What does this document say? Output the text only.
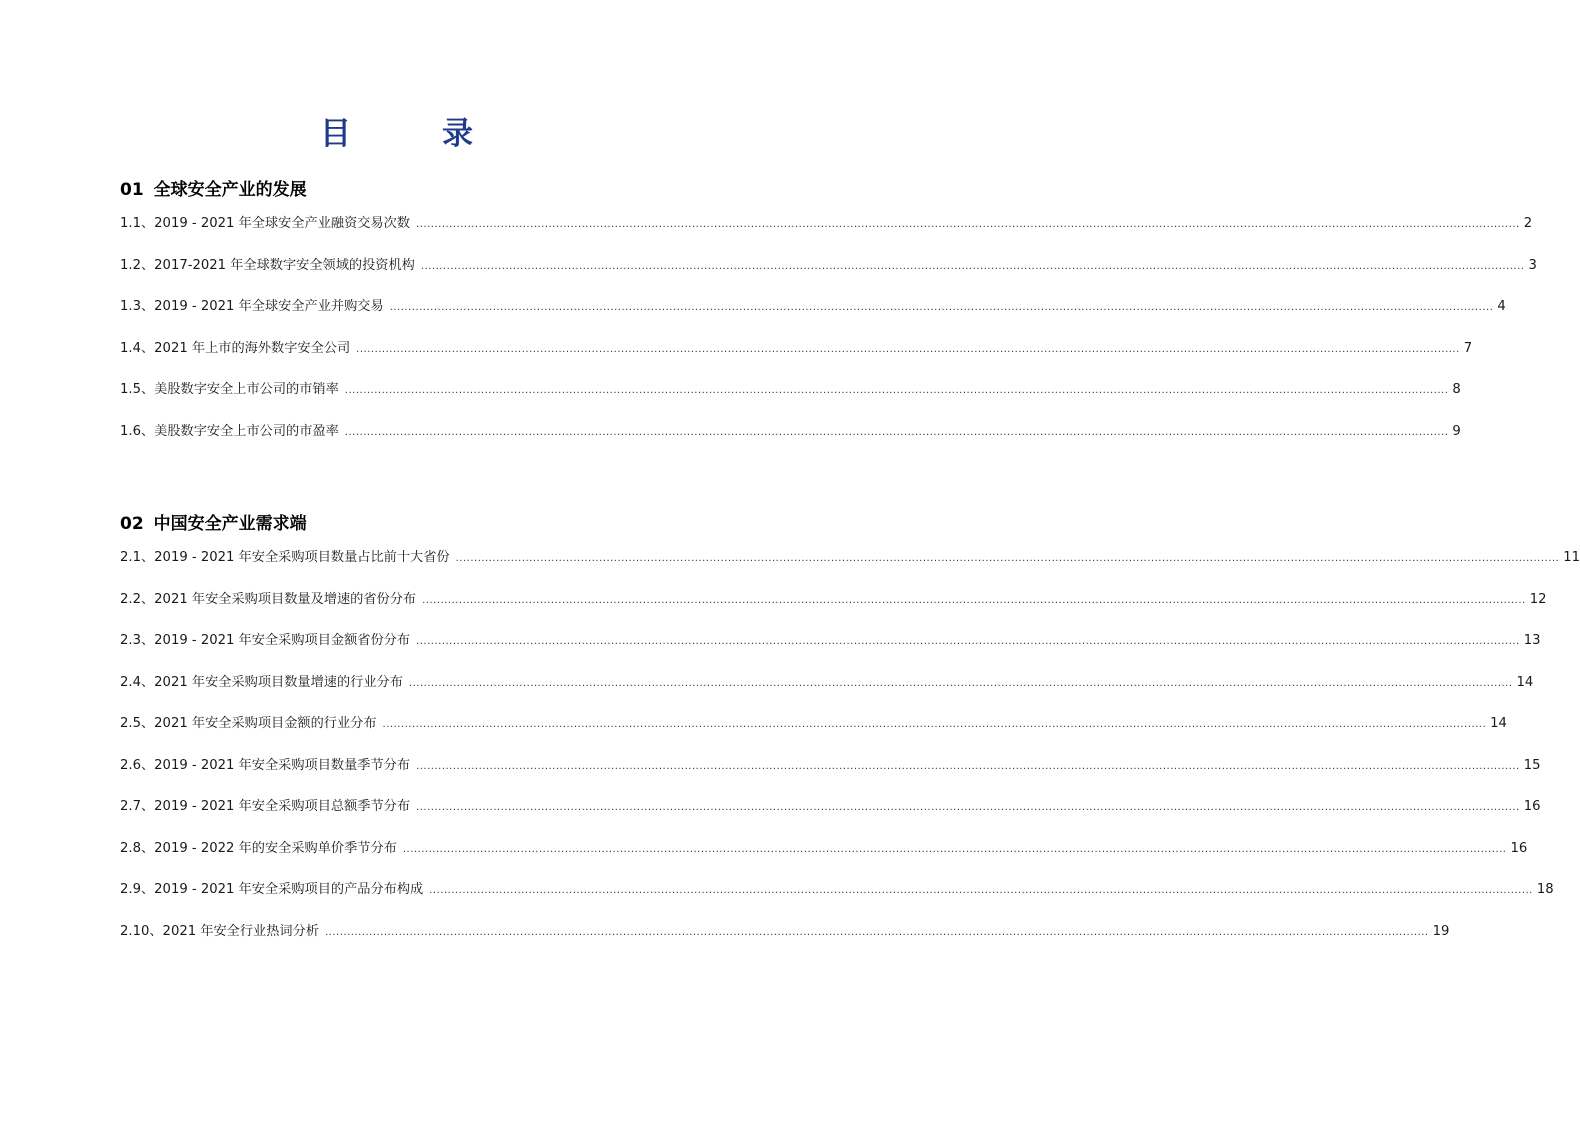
目　录
01 全球安全产业的发展
1.1、2019 - 2021 年全球安全产业融资交易次数 ............................................................................................................................................................................................................................................................................................................ 2
1.2、2017-2021 年全球数字安全领域的投资机构 ............................................................................................................................................................................................................................................................................................................ 3
1.3、2019 - 2021 年全球安全产业并购交易 ............................................................................................................................................................................................................................................................................................................ 4
1.4、2021 年上市的海外数字安全公司 ............................................................................................................................................................................................................................................................................................................ 7
1.5、美股数字安全上市公司的市销率 ............................................................................................................................................................................................................................................................................................................ 8
1.6、美股数字安全上市公司的市盈率 ............................................................................................................................................................................................................................................................................................................ 9
02 中国安全产业需求端
2.1、2019 - 2021 年安全采购项目数量占比前十大省份 ............................................................................................................................................................................................................................................................................................................ 11
2.2、2021 年安全采购项目数量及增速的省份分布 ............................................................................................................................................................................................................................................................................................................ 12
2.3、2019 - 2021 年安全采购项目金额省份分布 ............................................................................................................................................................................................................................................................................................................ 13
2.4、2021 年安全采购项目数量增速的行业分布 ............................................................................................................................................................................................................................................................................................................ 14
2.5、2021 年安全采购项目金额的行业分布 ............................................................................................................................................................................................................................................................................................................ 14
2.6、2019 - 2021 年安全采购项目数量季节分布 ............................................................................................................................................................................................................................................................................................................ 15
2.7、2019 - 2021 年安全采购项目总额季节分布 ............................................................................................................................................................................................................................................................................................................ 16
2.8、2019 - 2022 年的安全采购单价季节分布 ............................................................................................................................................................................................................................................................................................................ 16
2.9、2019 - 2021 年安全采购项目的产品分布构成 ............................................................................................................................................................................................................................................................................................................ 18
2.10、2021 年安全行业热词分析 ............................................................................................................................................................................................................................................................................................................ 19
